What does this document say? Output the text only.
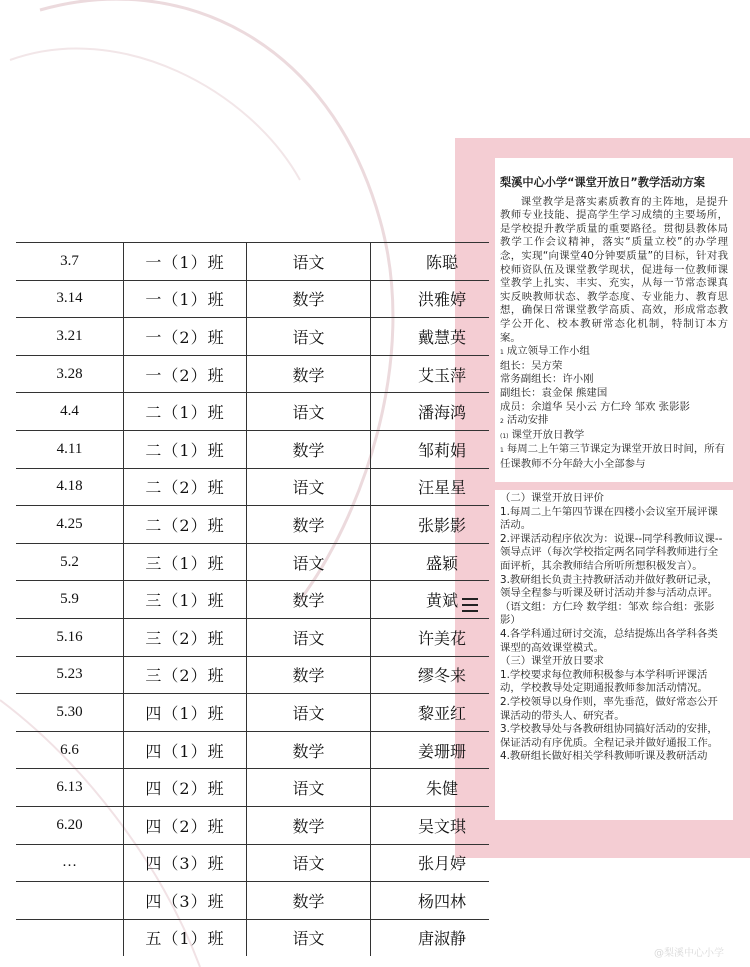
梨溪中心小学“课堂开放日”教学活动方案

课堂教学是落实素质教育的主阵地，是提升教师专业技能、提高学生学习成绩的主要场所，是学校提升教学质量的重要路径。贯彻县教体局教学工作会议精神，落实“质量立校”的办学理念，实现“向课堂40分钟要质量”的目标，针对我校师资队伍及课堂教学现状，促进每一位教师课堂教学上扎实、丰实、充实，从每一节常态课真实反映教师状态、教学态度、专业能力、教育思想，确保日常课堂教学高质、高效，形成常态教学公开化、校本教研常态化机制，特制订本方案。

1 成立领导工作小组

组长：吴方荣

常务副组长：许小刚

副组长：袁金保 熊建国

成员：余道华 吴小云 方仁玲 邹欢 张影影

2 活动安排

(1) 课堂开放日教学

1 每周二上午第三节课定为课堂开放日时间，所有任课教师不分年龄大小全部参与

（二）课堂开放日评价

1.每周二上午第四节课在四楼小会议室开展评课活动。

2.评课活动程序依次为：说课--同学科教师议课--领导点评（每次学校指定两名同学科教师进行全面评析，其余教师结合所听所想积极发言）。

3.教研组长负责主持教研活动并做好教研记录，领导全程参与听课及研讨活动并参与活动点评。（语文组：方仁玲 数学组：邹欢 综合组：张影影）

4.各学科通过研讨交流，总结提炼出各学科各类课型的高效课堂模式。

（三）课堂开放日要求

1.学校要求每位教师积极参与本学科听评课活动，学校教导处定期通报教师参加活动情况。

2.学校领导以身作则，率先垂范，做好常态公开课活动的带头人、研究者。

3.学校教导处与各教研组协同搞好活动的安排，保证活动有序优质。全程记录并做好通报工作。

4.教研组长做好相关学科教师听课及教研活动

3.7	一（1）班	语文	陈聪
3.14	一（1）班	数学	洪雅婷
3.21	一（2）班	语文	戴慧英
3.28	一（2）班	数学	艾玉萍
4.4	二（1）班	语文	潘海鸿
4.11	二（1）班	数学	邹莉娟
4.18	二（2）班	语文	汪星星
4.25	二（2）班	数学	张影影
5.2	三（1）班	语文	盛颖
5.9	三（1）班	数学	黄斌
5.16	三（2）班	语文	许美花
5.23	三（2）班	数学	缪冬来
5.30	四（1）班	语文	黎亚红
6.6	四（1）班	数学	姜珊珊
6.13	四（2）班	语文	朱健
6.20	四（2）班	数学	吴文琪
…	四（3）班	语文	张月婷
	四（3）班	数学	杨四林
	五（1）班	语文	唐淑静
@梨溪中心小学
